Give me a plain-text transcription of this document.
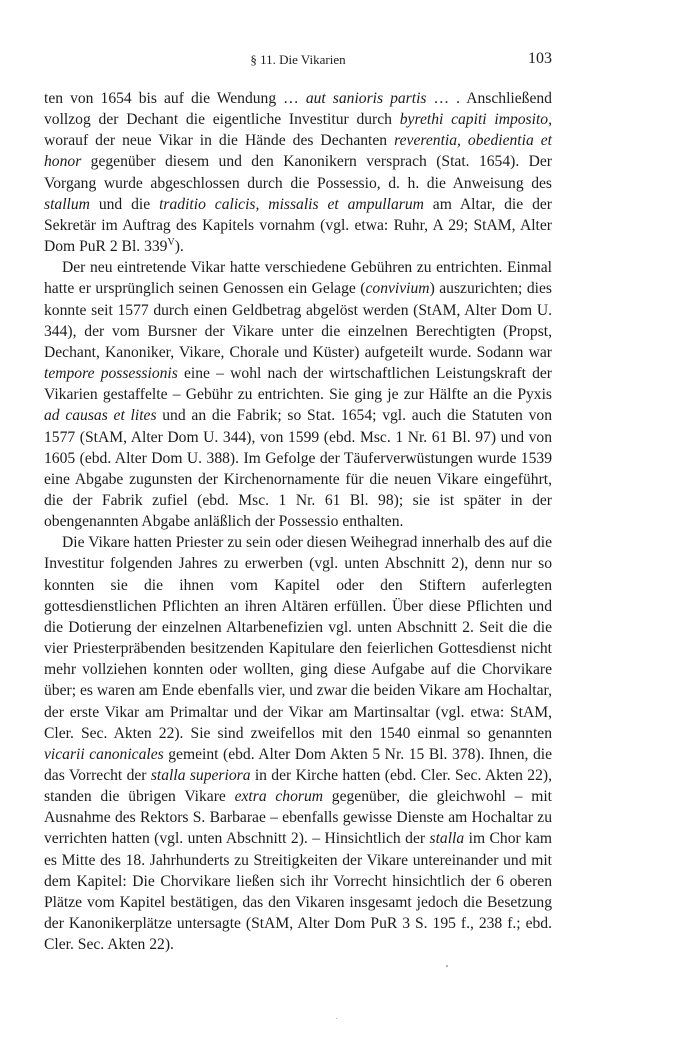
§ 11. Die Vikarien	103

ten von 1654 bis auf die Wendung … aut sanioris partis … . Anschließend vollzog der Dechant die eigentliche Investitur durch byrethi capiti imposito, worauf der neue Vikar in die Hände des Dechanten reverentia, obedientia et honor gegenüber diesem und den Kanonikern versprach (Stat. 1654). Der Vorgang wurde abgeschlossen durch die Possessio, d. h. die Anweisung des stallum und die traditio calicis, missalis et ampullarum am Altar, die der Sekretär im Auftrag des Kapitels vornahm (vgl. etwa: Ruhr, A 29; StAM, Alter Dom PuR 2 Bl. $339^V$).

Der neu eintretende Vikar hatte verschiedene Gebühren zu entrichten. Einmal hatte er ursprünglich seinen Genossen ein Gelage (convivium) auszurichten; dies konnte seit 1577 durch einen Geldbetrag abgelöst werden (StAM, Alter Dom U. 344), der vom Bursner der Vikare unter die einzelnen Berechtigten (Propst, Dechant, Kanoniker, Vikare, Chorale und Küster) aufgeteilt wurde. Sodann war tempore possessionis eine – wohl nach der wirtschaftlichen Leistungskraft der Vikarien gestaffelte – Gebühr zu entrichten. Sie ging je zur Hälfte an die Pyxis ad causas et lites und an die Fabrik; so Stat. 1654; vgl. auch die Statuten von 1577 (StAM, Alter Dom U. 344), von 1599 (ebd. Msc. 1 Nr. 61 Bl. 97) und von 1605 (ebd. Alter Dom U. 388). Im Gefolge der Täuferverwüstungen wurde 1539 eine Abgabe zugunsten der Kirchenornamente für die neuen Vikare eingeführt, die der Fabrik zufiel (ebd. Msc. 1 Nr. 61 Bl. 98); sie ist später in der obengenannten Abgabe anläßlich der Possessio enthalten.

Die Vikare hatten Priester zu sein oder diesen Weihegrad innerhalb des auf die Investitur folgenden Jahres zu erwerben (vgl. unten Abschnitt 2), denn nur so konnten sie die ihnen vom Kapitel oder den Stiftern auferlegten gottesdienstlichen Pflichten an ihren Altären erfüllen. Über diese Pflichten und die Dotierung der einzelnen Altarbenefizien vgl. unten Abschnitt 2. Seit die die vier Priesterpräbenden besitzenden Kapitulare den feierlichen Gottesdienst nicht mehr vollziehen konnten oder wollten, ging diese Aufgabe auf die Chorvikare über; es waren am Ende ebenfalls vier, und zwar die beiden Vikare am Hochaltar, der erste Vikar am Primaltar und der Vikar am Martinsaltar (vgl. etwa: StAM, Cler. Sec. Akten 22). Sie sind zweifellos mit den 1540 einmal so genannten vicarii canonicales gemeint (ebd. Alter Dom Akten 5 Nr. 15 Bl. 378). Ihnen, die das Vorrecht der stalla superiora in der Kirche hatten (ebd. Cler. Sec. Akten 22), standen die übrigen Vikare extra chorum gegenüber, die gleichwohl – mit Ausnahme des Rektors S. Barbarae – ebenfalls gewisse Dienste am Hochaltar zu verrichten hatten (vgl. unten Abschnitt 2). – Hinsichtlich der stalla im Chor kam es Mitte des 18. Jahrhunderts zu Streitigkeiten der Vikare untereinander und mit dem Kapitel: Die Chorvikare ließen sich ihr Vorrecht hinsichtlich der 6 oberen Plätze vom Kapitel bestätigen, das den Vikaren insgesamt jedoch die Besetzung der Kanonikerplätze untersagte (StAM, Alter Dom PuR 3 S. 195 f., 238 f.; ebd. Cler. Sec. Akten 22).
